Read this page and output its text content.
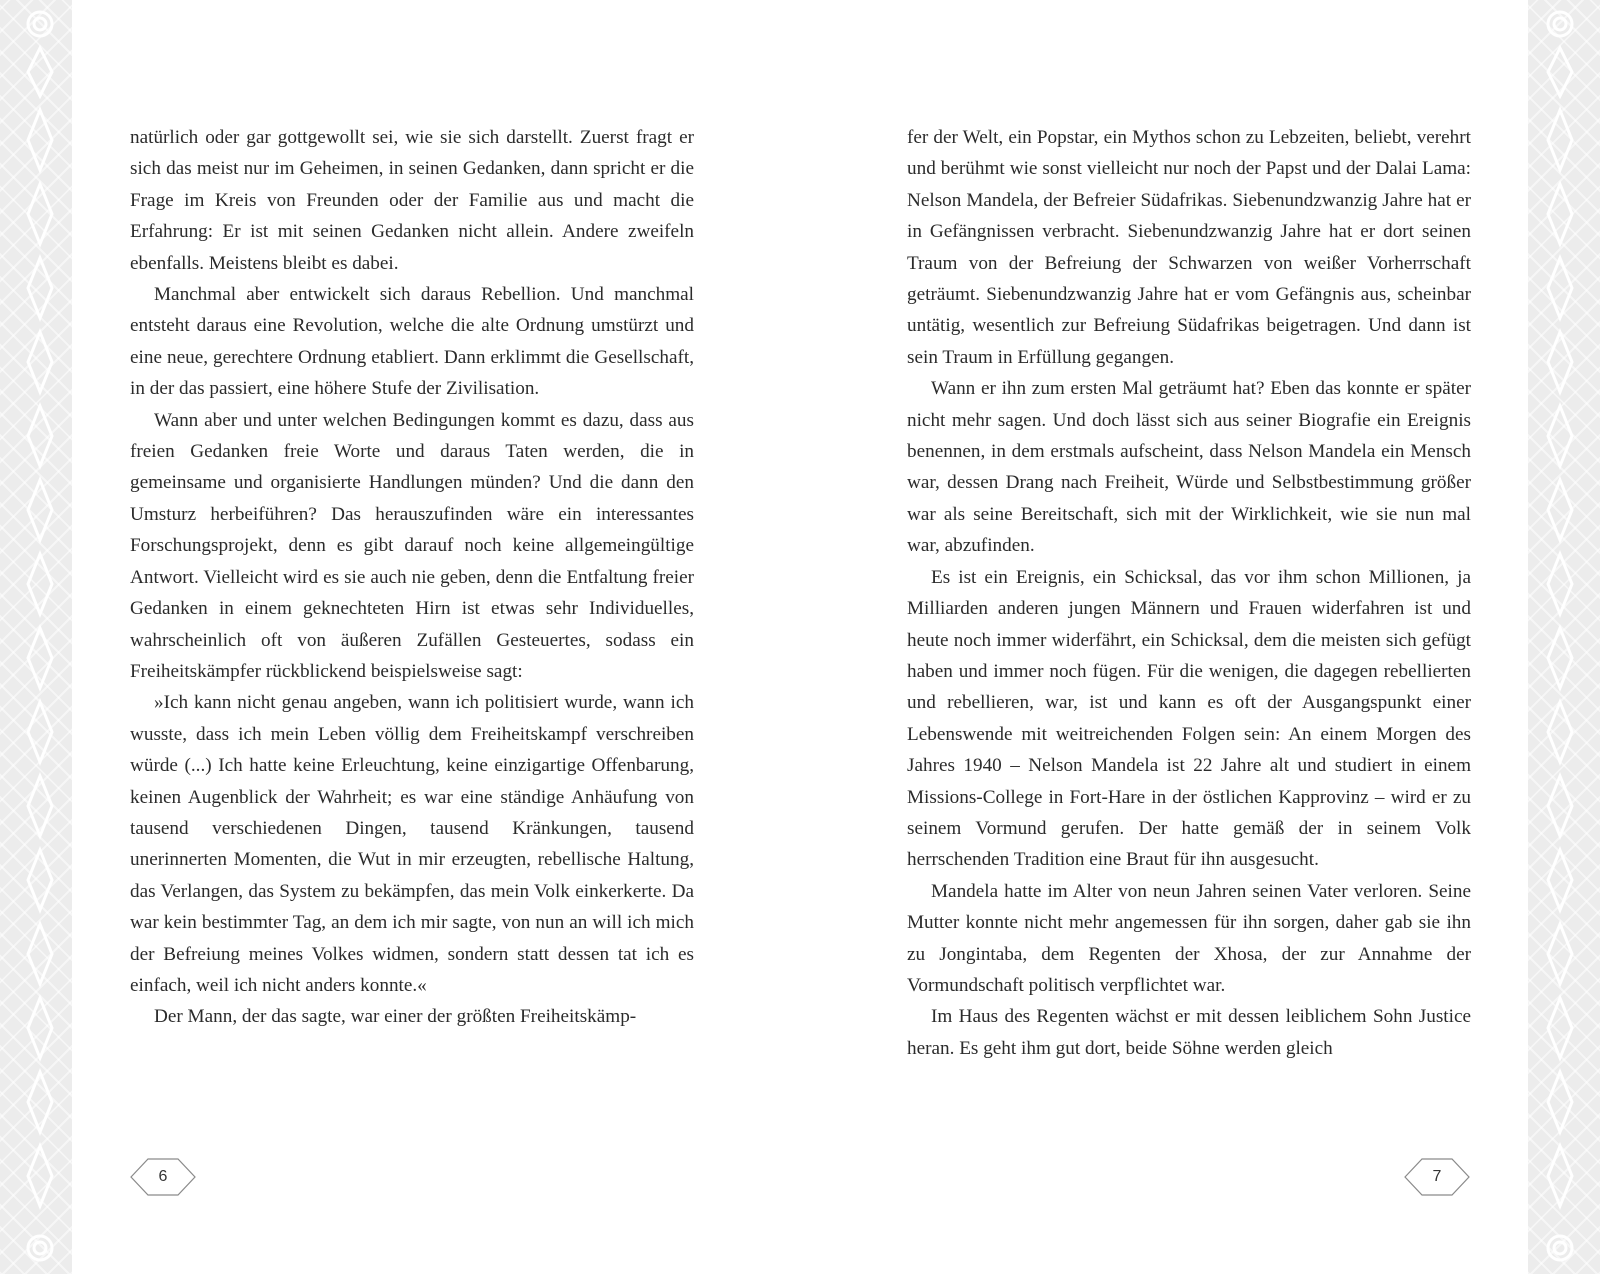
natürlich oder gar gottgewollt sei, wie sie sich darstellt. Zuerst fragt er sich das meist nur im Geheimen, in seinen Gedanken, dann spricht er die Frage im Kreis von Freunden oder der Familie aus und macht die Erfahrung: Er ist mit seinen Gedanken nicht allein. Andere zweifeln ebenfalls. Meistens bleibt es dabei.

Manchmal aber entwickelt sich daraus Rebellion. Und manchmal entsteht daraus eine Revolution, welche die alte Ordnung umstürzt und eine neue, gerechtere Ordnung etabliert. Dann erklimmt die Gesellschaft, in der das passiert, eine höhere Stufe der Zivilisation.

Wann aber und unter welchen Bedingungen kommt es dazu, dass aus freien Gedanken freie Worte und daraus Taten werden, die in gemeinsame und organisierte Handlungen münden? Und die dann den Umsturz herbeiführen? Das herauszufinden wäre ein interessantes Forschungsprojekt, denn es gibt darauf noch keine allgemeingültige Antwort. Vielleicht wird es sie auch nie geben, denn die Entfaltung freier Gedanken in einem geknechteten Hirn ist etwas sehr Individuelles, wahrscheinlich oft von äußeren Zufällen Gesteuertes, sodass ein Freiheitskämpfer rückblickend beispielsweise sagt:

»Ich kann nicht genau angeben, wann ich politisiert wurde, wann ich wusste, dass ich mein Leben völlig dem Freiheitskampf verschreiben würde (...) Ich hatte keine Erleuchtung, keine einzigartige Offenbarung, keinen Augenblick der Wahrheit; es war eine ständige Anhäufung von tausend verschiedenen Dingen, tausend Kränkungen, tausend unerinnerten Momenten, die Wut in mir erzeugten, rebellische Haltung, das Verlangen, das System zu bekämpfen, das mein Volk einkerkerte. Da war kein bestimmter Tag, an dem ich mir sagte, von nun an will ich mich der Befreiung meines Volkes widmen, sondern statt dessen tat ich es einfach, weil ich nicht anders konnte.«

Der Mann, der das sagte, war einer der größten Freiheitskämp-

fer der Welt, ein Popstar, ein Mythos schon zu Lebzeiten, beliebt, verehrt und berühmt wie sonst vielleicht nur noch der Papst und der Dalai Lama: Nelson Mandela, der Befreier Südafrikas. Siebenundzwanzig Jahre hat er in Gefängnissen verbracht. Siebenundzwanzig Jahre hat er dort seinen Traum von der Befreiung der Schwarzen von weißer Vorherrschaft geträumt. Siebenundzwanzig Jahre hat er vom Gefängnis aus, scheinbar untätig, wesentlich zur Befreiung Südafrikas beigetragen. Und dann ist sein Traum in Erfüllung gegangen.

Wann er ihn zum ersten Mal geträumt hat? Eben das konnte er später nicht mehr sagen. Und doch lässt sich aus seiner Biografie ein Ereignis benennen, in dem erstmals aufscheint, dass Nelson Mandela ein Mensch war, dessen Drang nach Freiheit, Würde und Selbstbestimmung größer war als seine Bereitschaft, sich mit der Wirklichkeit, wie sie nun mal war, abzufinden.

Es ist ein Ereignis, ein Schicksal, das vor ihm schon Millionen, ja Milliarden anderen jungen Männern und Frauen widerfahren ist und heute noch immer widerfährt, ein Schicksal, dem die meisten sich gefügt haben und immer noch fügen. Für die wenigen, die dagegen rebellierten und rebellieren, war, ist und kann es oft der Ausgangspunkt einer Lebenswende mit weitreichenden Folgen sein: An einem Morgen des Jahres 1940 – Nelson Mandela ist 22 Jahre alt und studiert in einem Missions-College in Fort-Hare in der östlichen Kapprovinz – wird er zu seinem Vormund gerufen. Der hatte gemäß der in seinem Volk herrschenden Tradition eine Braut für ihn ausgesucht.

Mandela hatte im Alter von neun Jahren seinen Vater verloren. Seine Mutter konnte nicht mehr angemessen für ihn sorgen, daher gab sie ihn zu Jongintaba, dem Regenten der Xhosa, der zur Annahme der Vormundschaft politisch verpflichtet war.

Im Haus des Regenten wächst er mit dessen leiblichem Sohn Justice heran. Es geht ihm gut dort, beide Söhne werden gleich

6	7
